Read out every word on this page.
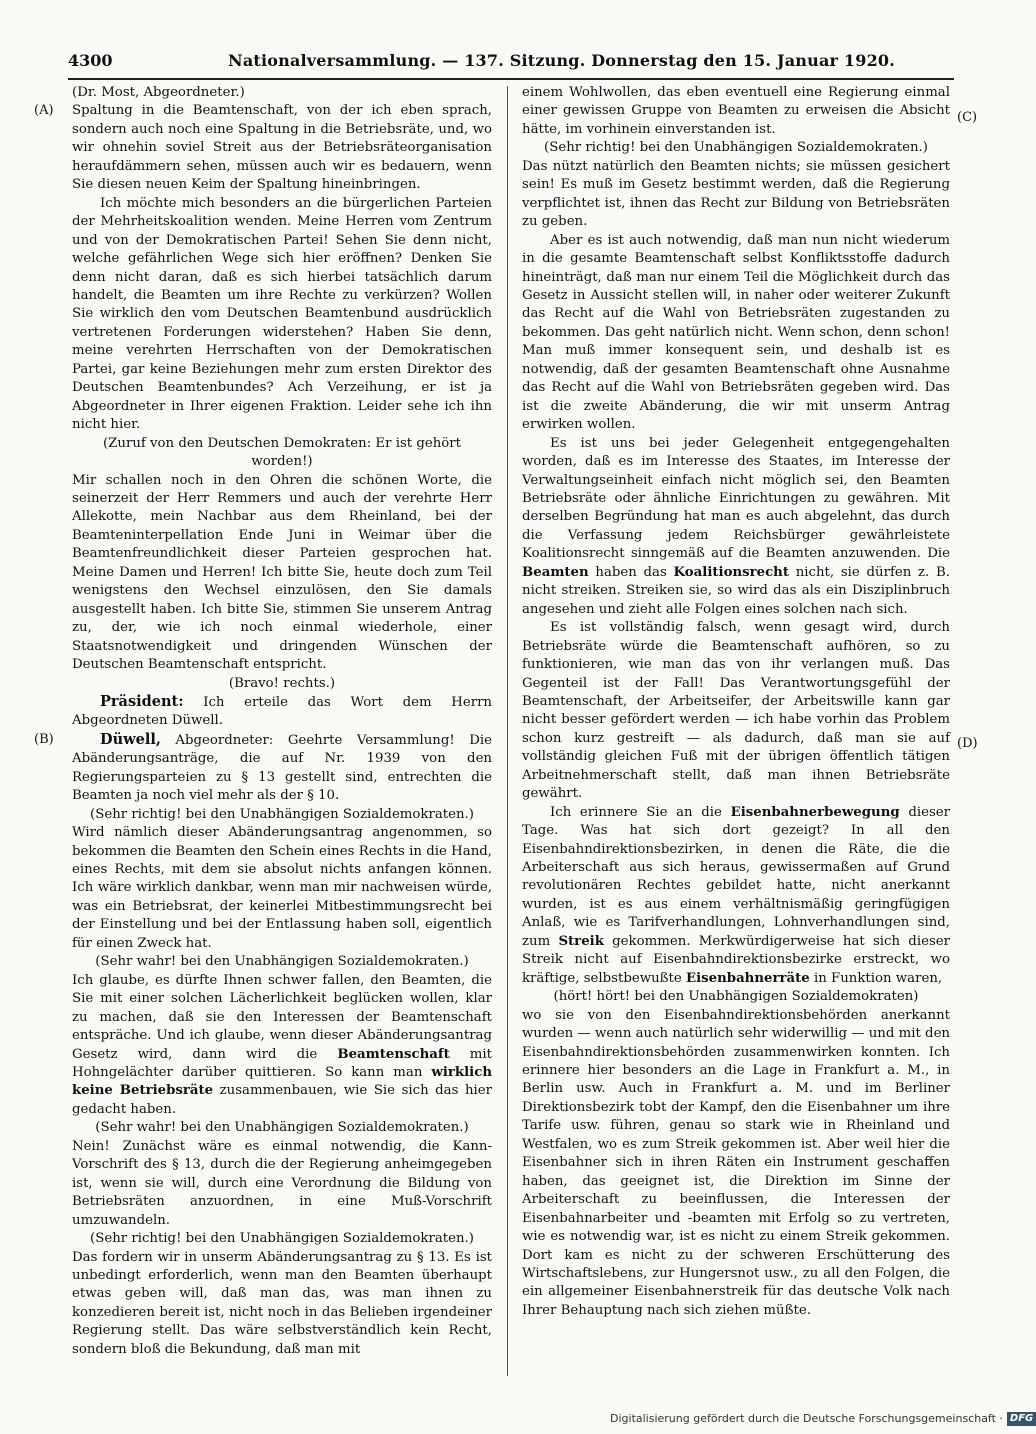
4300	Nationalversammlung. — 137. Sitzung. Donnerstag den 15. Januar 1920.
(A)
(B)
(C)
(D)

(Dr. Most, Abgeordneter.)

Spaltung in die Beamtenschaft, von der ich eben sprach, sondern auch noch eine Spaltung in die Betriebsräte, und, wo wir ohnehin soviel Streit aus der Betriebsräteorganisation heraufdämmern sehen, müssen auch wir es bedauern, wenn Sie diesen neuen Keim der Spaltung hineinbringen.

Ich möchte mich besonders an die bürgerlichen Parteien der Mehrheitskoalition wenden. Meine Herren vom Zentrum und von der Demokratischen Partei! Sehen Sie denn nicht, welche gefährlichen Wege sich hier eröffnen? Denken Sie denn nicht daran, daß es sich hierbei tatsächlich darum handelt, die Beamten um ihre Rechte zu verkürzen? Wollen Sie wirklich den vom Deutschen Beamtenbund ausdrücklich vertretenen Forderungen widerstehen? Haben Sie denn, meine verehrten Herrschaften von der Demokratischen Partei, gar keine Beziehungen mehr zum ersten Direktor des Deutschen Beamtenbundes? Ach Verzeihung, er ist ja Abgeordneter in Ihrer eigenen Fraktion. Leider sehe ich ihn nicht hier.

(Zuruf von den Deutschen Demokraten: Er ist gehört worden!)

Mir schallen noch in den Ohren die schönen Worte, die seinerzeit der Herr Remmers und auch der verehrte Herr Allekotte, mein Nachbar aus dem Rheinland, bei der Beamteninterpellation Ende Juni in Weimar über die Beamtenfreundlichkeit dieser Parteien gesprochen hat. Meine Damen und Herren! Ich bitte Sie, heute doch zum Teil wenigstens den Wechsel einzulösen, den Sie damals ausgestellt haben. Ich bitte Sie, stimmen Sie unserem Antrag zu, der, wie ich noch einmal wiederhole, einer Staatsnotwendigkeit und dringenden Wünschen der Deutschen Beamtenschaft entspricht.

(Bravo! rechts.)

Präsident: Ich erteile das Wort dem Herrn Abgeordneten Düwell.

Düwell, Abgeordneter: Geehrte Versammlung! Die Abänderungsanträge, die auf Nr. 1939 von den Regierungsparteien zu § 13 gestellt sind, entrechten die Beamten ja noch viel mehr als der § 10.

(Sehr richtig! bei den Unabhängigen Sozialdemokraten.)

Wird nämlich dieser Abänderungsantrag angenommen, so bekommen die Beamten den Schein eines Rechts in die Hand, eines Rechts, mit dem sie absolut nichts anfangen können. Ich wäre wirklich dankbar, wenn man mir nachweisen würde, was ein Betriebsrat, der keinerlei Mitbestimmungsrecht bei der Einstellung und bei der Entlassung haben soll, eigentlich für einen Zweck hat.

(Sehr wahr! bei den Unabhängigen Sozialdemokraten.)

Ich glaube, es dürfte Ihnen schwer fallen, den Beamten, die Sie mit einer solchen Lächerlichkeit beglücken wollen, klar zu machen, daß sie den Interessen der Beamtenschaft entspräche. Und ich glaube, wenn dieser Abänderungsantrag Gesetz wird, dann wird die Beamtenschaft mit Hohngelächter darüber quittieren. So kann man wirklich keine Betriebsräte zusammenbauen, wie Sie sich das hier gedacht haben.

(Sehr wahr! bei den Unabhängigen Sozialdemokraten.)

Nein! Zunächst wäre es einmal notwendig, die Kann-Vorschrift des § 13, durch die der Regierung anheimgegeben ist, wenn sie will, durch eine Verordnung die Bildung von Betriebsräten anzuordnen, in eine Muß-Vorschrift umzuwandeln.

(Sehr richtig! bei den Unabhängigen Sozialdemokraten.)

Das fordern wir in unserm Abänderungsantrag zu § 13. Es ist unbedingt erforderlich, wenn man den Beamten überhaupt etwas geben will, daß man das, was man ihnen zu konzedieren bereit ist, nicht noch in das Belieben irgendeiner Regierung stellt. Das wäre selbstverständlich kein Recht, sondern bloß die Bekundung, daß man mit

einem Wohlwollen, das eben eventuell eine Regierung einmal einer gewissen Gruppe von Beamten zu erweisen die Absicht hätte, im vorhinein einverstanden ist.

(Sehr richtig! bei den Unabhängigen Sozialdemokraten.)

Das nützt natürlich den Beamten nichts; sie müssen gesichert sein! Es muß im Gesetz bestimmt werden, daß die Regierung verpflichtet ist, ihnen das Recht zur Bildung von Betriebsräten zu geben.

Aber es ist auch notwendig, daß man nun nicht wiederum in die gesamte Beamtenschaft selbst Konfliktsstoffe dadurch hineinträgt, daß man nur einem Teil die Möglichkeit durch das Gesetz in Aussicht stellen will, in naher oder weiterer Zukunft das Recht auf die Wahl von Betriebsräten zugestanden zu bekommen. Das geht natürlich nicht. Wenn schon, denn schon! Man muß immer konsequent sein, und deshalb ist es notwendig, daß der gesamten Beamtenschaft ohne Ausnahme das Recht auf die Wahl von Betriebsräten gegeben wird. Das ist die zweite Abänderung, die wir mit unserm Antrag erwirken wollen.

Es ist uns bei jeder Gelegenheit entgegengehalten worden, daß es im Interesse des Staates, im Interesse der Verwaltungseinheit einfach nicht möglich sei, den Beamten Betriebsräte oder ähnliche Einrichtungen zu gewähren. Mit derselben Begründung hat man es auch abgelehnt, das durch die Verfassung jedem Reichsbürger gewährleistete Koalitionsrecht sinngemäß auf die Beamten anzuwenden. Die Beamten haben das Koalitionsrecht nicht, sie dürfen z. B. nicht streiken. Streiken sie, so wird das als ein Disziplinbruch angesehen und zieht alle Folgen eines solchen nach sich.

Es ist vollständig falsch, wenn gesagt wird, durch Betriebsräte würde die Beamtenschaft aufhören, so zu funktionieren, wie man das von ihr verlangen muß. Das Gegenteil ist der Fall! Das Verantwortungsgefühl der Beamtenschaft, der Arbeitseifer, der Arbeitswille kann gar nicht besser gefördert werden — ich habe vorhin das Problem schon kurz gestreift — als dadurch, daß man sie auf vollständig gleichen Fuß mit der übrigen öffentlich tätigen Arbeitnehmerschaft stellt, daß man ihnen Betriebsräte gewährt.

Ich erinnere Sie an die Eisenbahnerbewegung dieser Tage. Was hat sich dort gezeigt? In all den Eisenbahndirektionsbezirken, in denen die Räte, die die Arbeiterschaft aus sich heraus, gewissermaßen auf Grund revolutionären Rechtes gebildet hatte, nicht anerkannt wurden, ist es aus einem verhältnismäßig geringfügigen Anlaß, wie es Tarifverhandlungen, Lohnverhandlungen sind, zum Streik gekommen. Merkwürdigerweise hat sich dieser Streik nicht auf Eisenbahndirektionsbezirke erstreckt, wo kräftige, selbstbewußte Eisenbahnerräte in Funktion waren,

(hört! hört! bei den Unabhängigen Sozialdemokraten)

wo sie von den Eisenbahndirektionsbehörden anerkannt wurden — wenn auch natürlich sehr widerwillig — und mit den Eisenbahndirektionsbehörden zusammenwirken konnten. Ich erinnere hier besonders an die Lage in Frankfurt a. M., in Berlin usw. Auch in Frankfurt a. M. und im Berliner Direktionsbezirk tobt der Kampf, den die Eisenbahner um ihre Tarife usw. führen, genau so stark wie in Rheinland und Westfalen, wo es zum Streik gekommen ist. Aber weil hier die Eisenbahner sich in ihren Räten ein Instrument geschaffen haben, das geeignet ist, die Direktion im Sinne der Arbeiterschaft zu beeinflussen, die Interessen der Eisenbahnarbeiter und -beamten mit Erfolg so zu vertreten, wie es notwendig war, ist es nicht zu einem Streik gekommen. Dort kam es nicht zu der schweren Erschütterung des Wirtschaftslebens, zur Hungersnot usw., zu all den Folgen, die ein allgemeiner Eisenbahnerstreik für das deutsche Volk nach Ihrer Behauptung nach sich ziehen müßte.

Digitalisierung gefördert durch die Deutsche Forschungsgemeinschaft · DFG
